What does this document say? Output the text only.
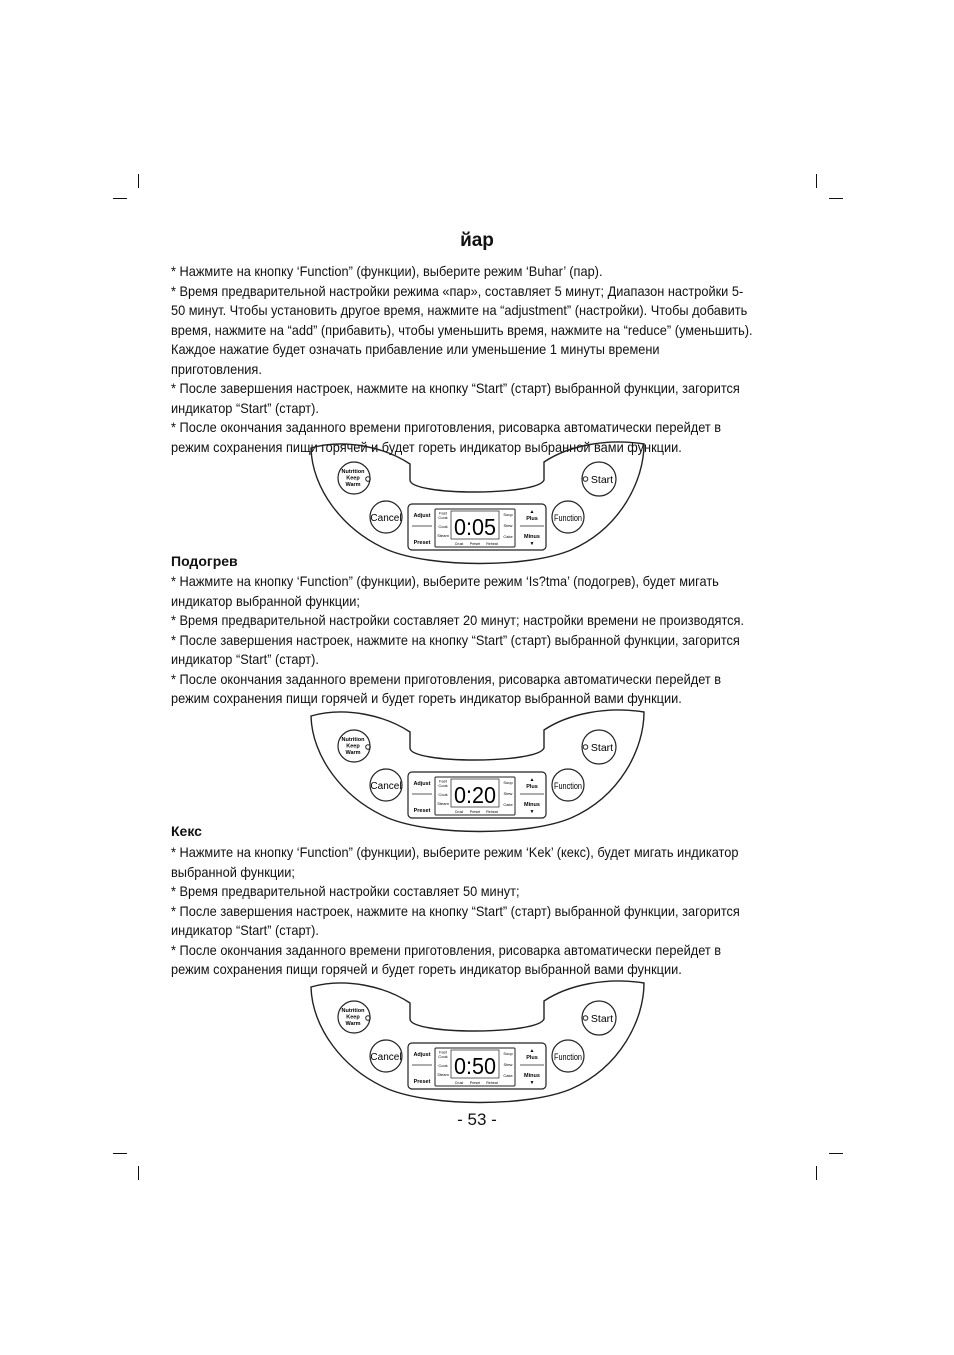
йар

* Нажмите на кнопку ‘Function” (функции), выберите режим ‘Buhar’ (пар).

* Время предварительной настройки режима «пар», составляет 5 минут; Диапазон настройки 5-50 минут. Чтобы установить другое время, нажмите на “adjustment” (настройки). Чтобы добавить время, нажмите на “add” (прибавить), чтобы уменьшить время, нажмите на “reduce” (уменьшить). Каждое нажатие будет означать прибавление или уменьшение 1 минуты времени приготовления.

* После завершения настроек, нажмите на кнопку “Start” (старт) выбранной функции, загорится индикатор “Start” (старт).

* После окончания заданного времени приготовления, рисоварка автоматически перейдет в режим сохранения пищи горячей и будет гореть индикатор выбранной вами функции.

Nutrition
Keep
Warm	Start
Cancel	Function
Adjust
Preset
Fast
Cook
Cook
Steam
Soup
Stew
Cake
Crust Preset Reheat
0:05
▲
Plus
Minus
▼
Подогрев

* Нажмите на кнопку ‘Function” (функции), выберите режим ‘Is?tma’ (подогрев), будет мигать индикатор выбранной функции;

* Время предварительной настройки составляет 20 минут; настройки времени не производятся.

* После завершения настроек, нажмите на кнопку “Start” (старт) выбранной функции, загорится индикатор “Start” (старт).

* После окончания заданного времени приготовления, рисоварка автоматически перейдет в режим сохранения пищи горячей и будет гореть индикатор выбранной вами функции.

Nutrition
Keep
Warm	Start
Cancel	Function
Adjust
Preset
Fast
Cook
Cook
Steam
Soup
Stew
Cake
Crust Preset Reheat
0:20
▲
Plus
Minus
▼
Кекс

* Нажмите на кнопку ‘Function” (функции), выберите режим ‘Kek’ (кекс), будет мигать индикатор выбранной функции;

* Время предварительной настройки составляет 50 минут;

* После завершения настроек, нажмите на кнопку “Start” (старт) выбранной функции, загорится индикатор “Start” (старт).

* После окончания заданного времени приготовления, рисоварка автоматически перейдет в режим сохранения пищи горячей и будет гореть индикатор выбранной вами функции.

Nutrition
Keep
Warm	Start
Cancel	Function
Adjust
Preset
Fast
Cook
Cook
Steam
Soup
Stew
Cake
Crust Preset Reheat
0:50
▲
Plus
Minus
▼
- 53 -
